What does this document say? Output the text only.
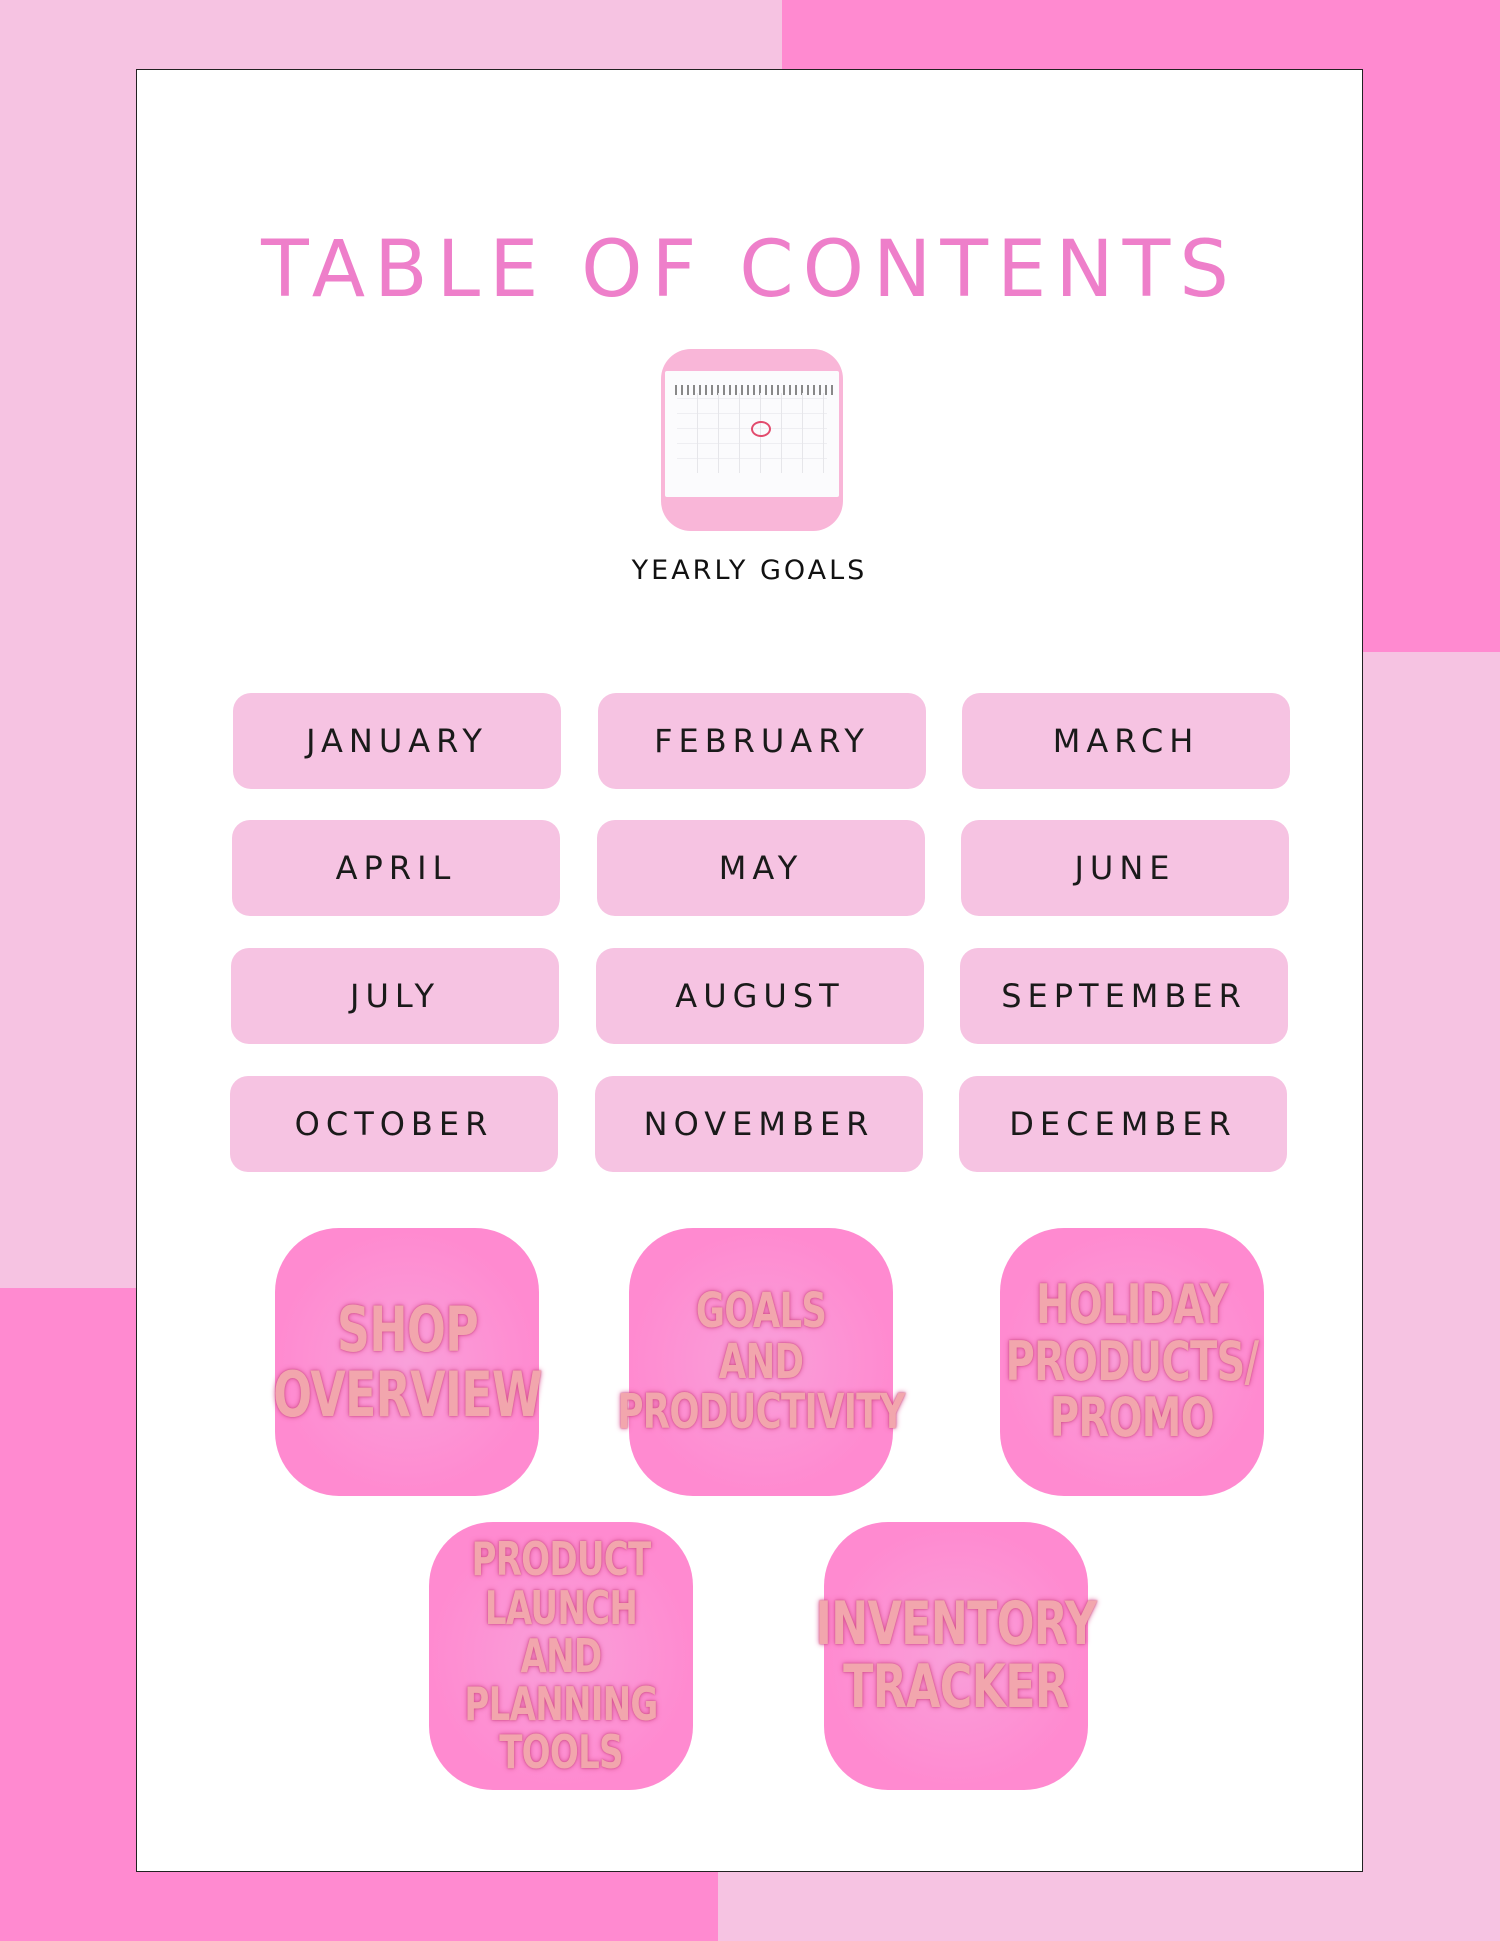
TABLE OF CONTENTS
YEARLY GOALS
JANUARY	FEBRUARY	MARCH
APRIL	MAY	JUNE
JULY	AUGUST	SEPTEMBER
OCTOBER	NOVEMBER	DECEMBER
SHOP
OVERVIEW
GOALS
AND
PRODUCTIVITY
HOLIDAY
PRODUCTS/
PROMO
PRODUCT
LAUNCH AND
PLANNING
TOOLS
INVENTORY
TRACKER
